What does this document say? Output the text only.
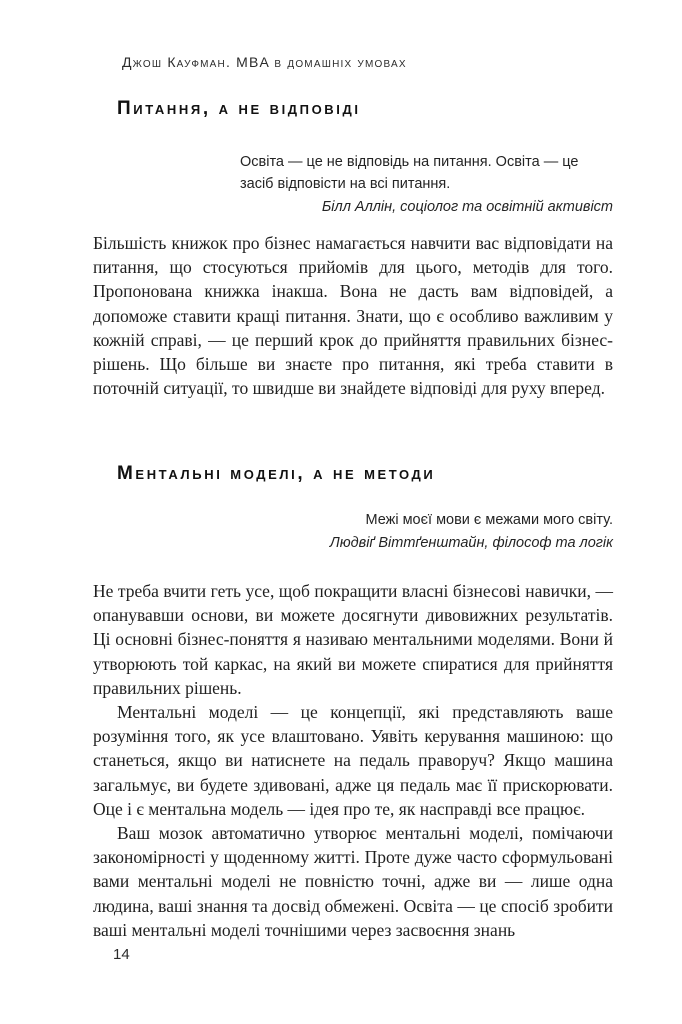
Джош Кауфман. MBA в домашніх умовах
Питання, а не відповіді

Освіта — це не відповідь на питання. Освіта — це засіб відповісти на всі питання.

Білл Аллін, соціолог та освітній активіст

Більшість книжок про бізнес намагається навчити вас відповідати на питання, що стосуються прийомів для цього, методів для того. Пропонована книжка інакша. Вона не дасть вам відповідей, а допоможе ставити кращі питання. Знати, що є особливо важливим у кожній справі, — це перший крок до прийняття правильних бізнес-рішень. Що більше ви знаєте про питання, які треба ставити в поточній ситуації, то швидше ви знайдете відповіді для руху вперед.

Ментальні моделі, а не методи

Межі моєї мови є межами мого світу.

Людвіґ Віттґенштайн, філософ та логік

Не треба вчити геть усе, щоб покращити власні бізнесові навички, — опанувавши основи, ви можете досягнути дивовижних результатів. Ці основні бізнес-поняття я називаю ментальними моделями. Вони й утворюють той каркас, на який ви можете спиратися для прийняття правильних рішень.

Ментальні моделі — це концепції, які представляють ваше розуміння того, як усе влаштовано. Уявіть керування машиною: що станеться, якщо ви натиснете на педаль праворуч? Якщо машина загальмує, ви будете здивовані, адже ця педаль має її прискорювати. Оце і є ментальна модель — ідея про те, як насправді все працює.

Ваш мозок автоматично утворює ментальні моделі, помічаючи закономірності у щоденному житті. Проте дуже часто сформульовані вами ментальні моделі не повністю точні, адже ви — лише одна людина, ваші знання та досвід обмежені. Освіта — це спосіб зробити ваші ментальні моделі точнішими через засвоєння знань

14
